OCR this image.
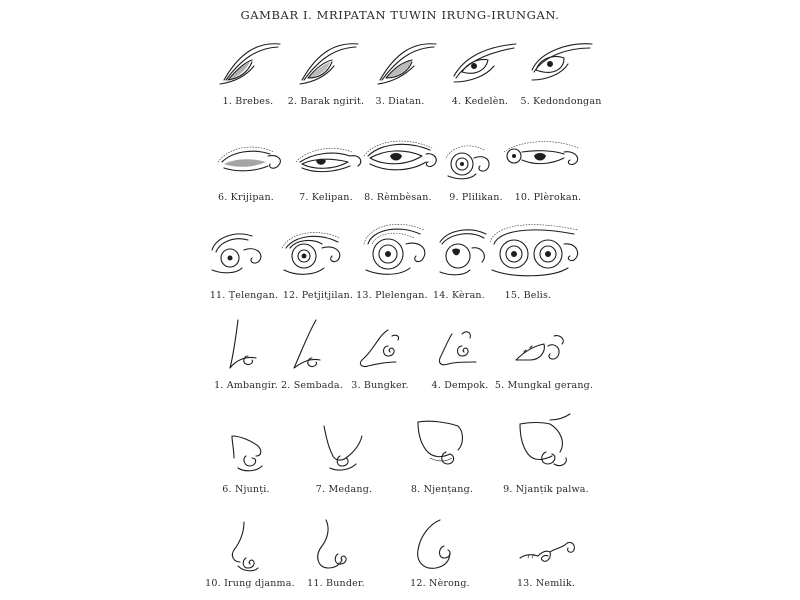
GAMBAR I. MRIPATAN TUWIN IRUNG-IRUNGAN.
1. Brebes.	2. Barak ngirit.	3. Diatan.	4. Kedelèn.	5. Kedondongan
6. Krijipan.	7. Kelipan.	8. Rèmbèsan.	9. Plilikan.	10. Plèrokan.
11. Ṭelengan. 12. Petjitjilan. 13. Plelengan. 14. Kèran.	15. Belis.
1. Ambangir. 2. Sembada. 3. Bungker.	4. Dempok. 5. Mungkal gerang.
6. Njunṭi.	7. Meḍang.	8. Njenṭang.	9. Njanṭik palwa.
10. Irung djanma.	11. Bunder.	12. Nèrong.	13. Nemlik.
